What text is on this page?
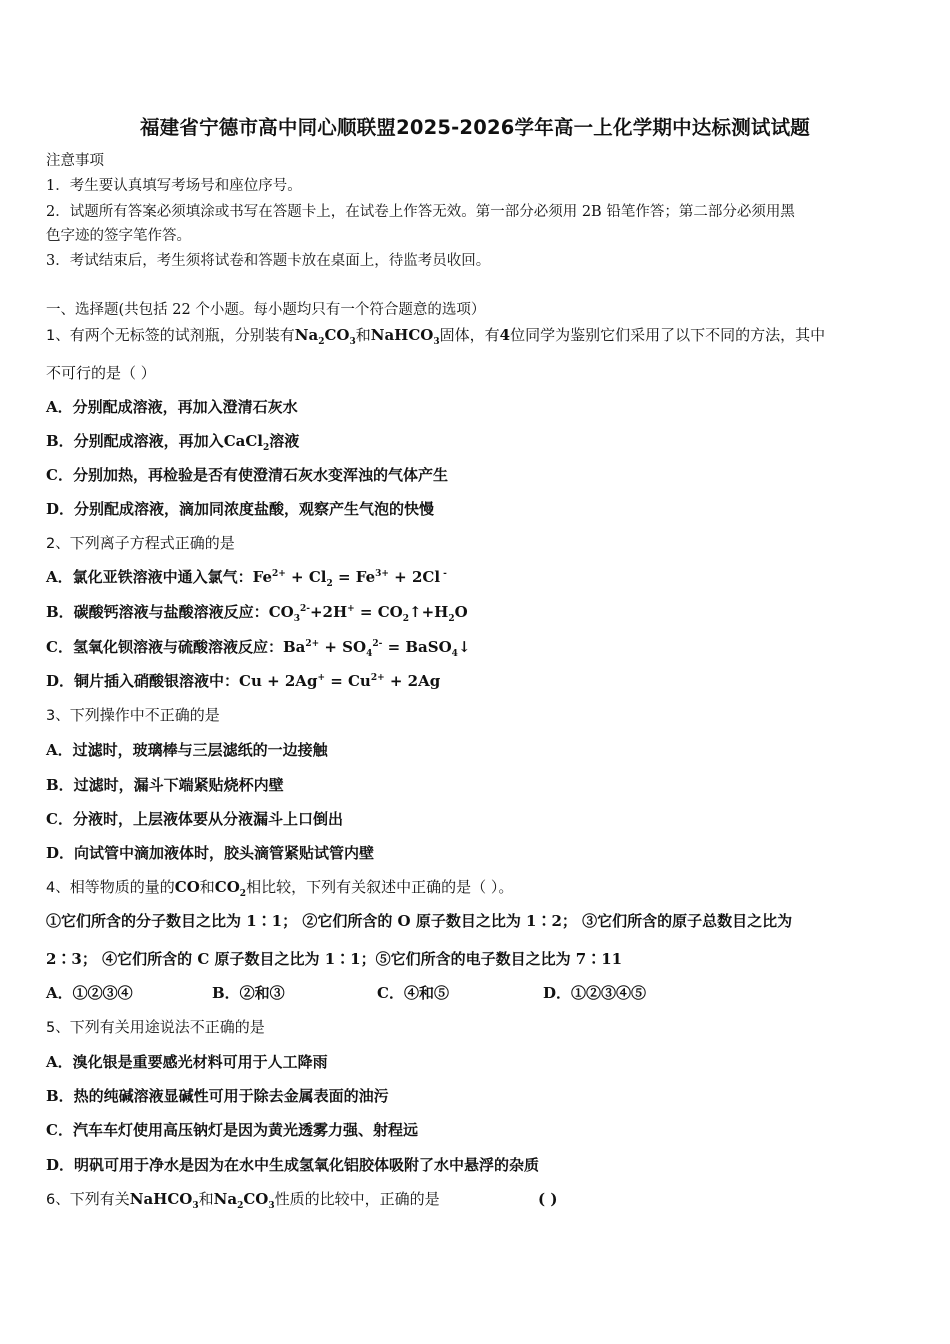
福建省宁德市高中同心顺联盟2025-2026学年高一上化学期中达标测试试题
注意事项
1．考生要认真填写考场号和座位序号。
2．试题所有答案必须填涂或书写在答题卡上，在试卷上作答无效。第一部分必须用 2B 铅笔作答；第二部分必须用黑
色字迹的签字笔作答。
3．考试结束后，考生须将试卷和答题卡放在桌面上，待监考员收回。
一、选择题(共包括 22 个小题。每小题均只有一个符合题意的选项）
1、有两个无标签的试剂瓶，分别装有$Na_2CO_3$和NaHCO$_3$固体，有4位同学为鉴别它们采用了以下不同的方法，其中
不可行的是（ ）
A．分别配成溶液，再加入澄清石灰水
B．分别配成溶液，再加入CaCl$_2$溶液
C．分别加热，再检验是否有使澄清石灰水变浑浊的气体产生
D．分别配成溶液，滴加同浓度盐酸，观察产生气泡的快慢
2、下列离子方程式正确的是
A．氯化亚铁溶液中通入氯气：$Fe^{2+} + Cl_2 = Fe^{3+} + 2Cl$ -
B．碳酸钙溶液与盐酸溶液反应：$CO_3^{2-}+2H^+$ = $CO_2↑+H_2O$
C．氢氧化钡溶液与硫酸溶液反应：$Ba^{2+} + SO_4^{2-}$ = BaSO$_4$↓
D．铜片插入硝酸银溶液中：$Cu + 2Ag^+ = Cu^{2+} + 2Ag$
3、下列操作中不正确的是
A．过滤时，玻璃棒与三层滤纸的一边接触
B．过滤时，漏斗下端紧贴烧杯内壁
C．分液时，上层液体要从分液漏斗上口倒出
D．向试管中滴加液体时，胶头滴管紧贴试管内壁
4、相等物质的量的CO和$CO_2$相比较，下列有关叙述中正确的是（ ）。
①它们所含的分子数目之比为 1∶1； ②它们所含的 O 原子数目之比为 1∶2； ③它们所含的原子总数目之比为
2∶3； ④它们所含的 C 原子数目之比为 1∶1；⑤它们所含的电子数目之比为 7∶11
A．①②③④	B．②和③	C．④和⑤	D．①②③④⑤
5、下列有关用途说法不正确的是
A．溴化银是重要感光材料可用于人工降雨
B．热的纯碱溶液显碱性可用于除去金属表面的油污
C．汽车车灯使用高压钠灯是因为黄光透雾力强、射程远
D．明矾可用于净水是因为在水中生成氢氧化铝胶体吸附了水中悬浮的杂质
6、下列有关NaHCO$_3$和$Na_2CO_3$性质的比较中，正确的是	( )
